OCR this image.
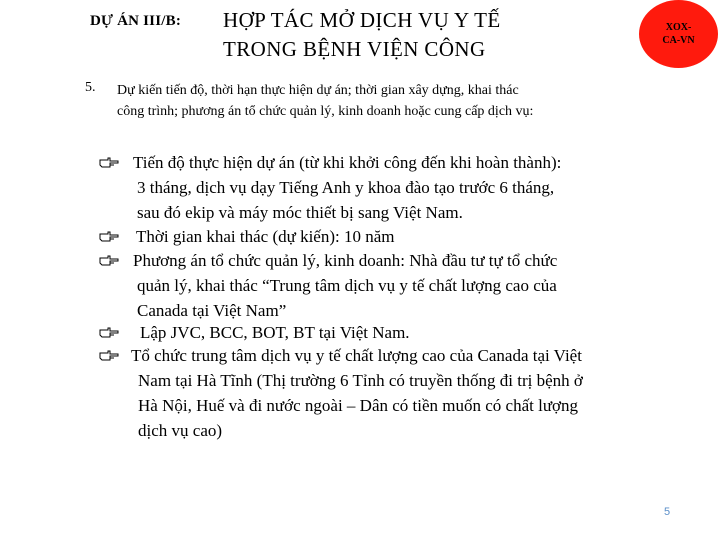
DỰ ÁN III/B: HỢP TÁC MỞ DỊCH VỤ Y TẾ
TRONG BỆNH VIỆN CÔNG
XOX-
CA-VN
5. Dự kiến tiến độ, thời hạn thực hiện dự án; thời gian xây dựng, khai thác
công trình; phương án tổ chức quản lý, kinh doanh hoặc cung cấp dịch vụ:
Tiến độ thực hiện dự án (từ khi khởi công đến khi hoàn thành):
3 tháng, dịch vụ dạy Tiếng Anh y khoa đào tạo trước 6 tháng,
sau đó ekip và máy móc thiết bị sang Việt Nam.
Thời gian khai thác (dự kiến): 10 năm
Phương án tổ chức quản lý, kinh doanh: Nhà đầu tư tự tổ chức
quản lý, khai thác “Trung tâm dịch vụ y tế chất lượng cao của
Canada tại Việt Nam”
Lập JVC, BCC, BOT, BT tại Việt Nam.
Tổ chức trung tâm dịch vụ y tế chất lượng cao của Canada tại Việt
Nam tại Hà Tĩnh (Thị trường 6 Tỉnh có truyền thống đi trị bệnh ở
Hà Nội, Huế và đi nước ngoài – Dân có tiền muốn có chất lượng
dịch vụ cao)
5
